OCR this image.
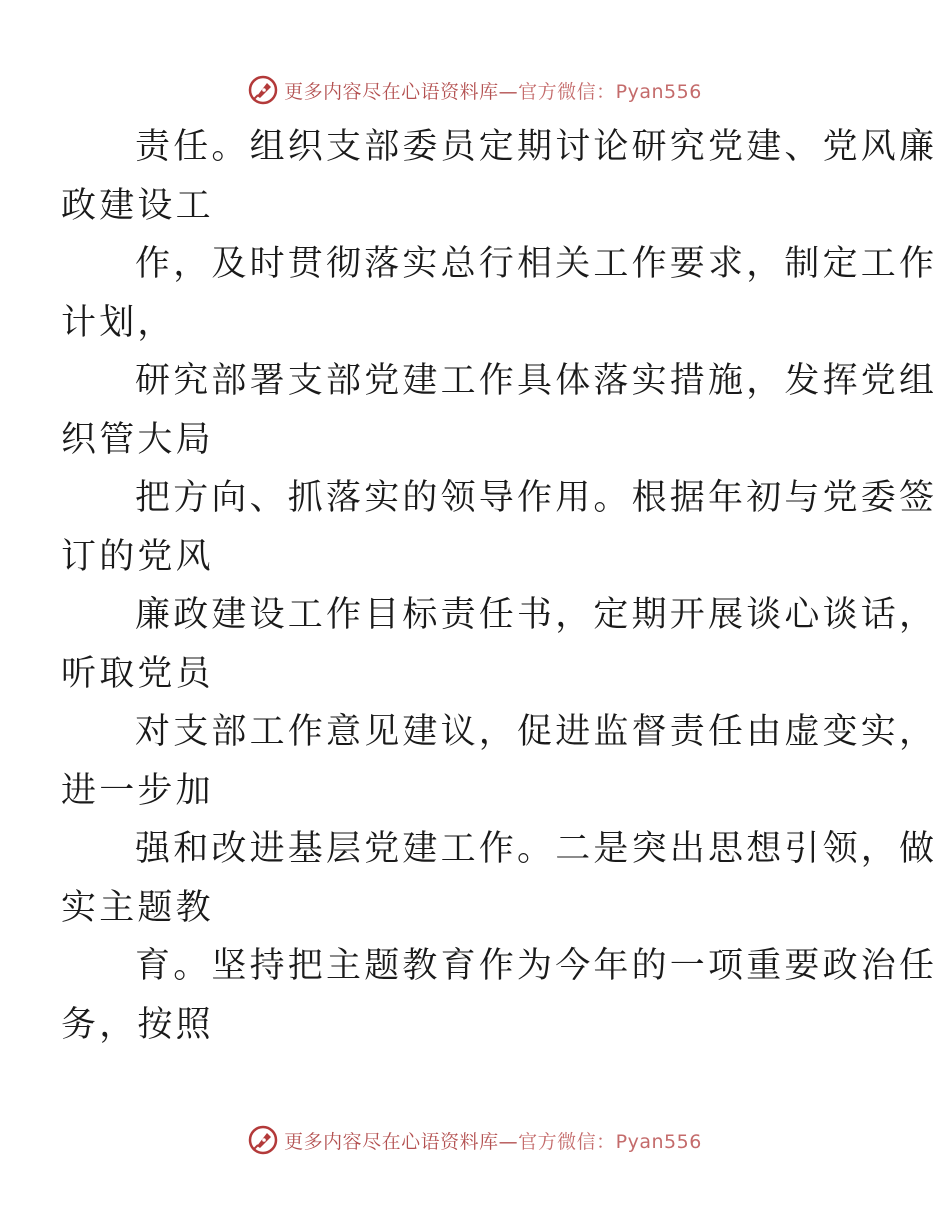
更多内容尽在心语资料库—官方微信：Pyan556

责任。组织支部委员定期讨论研究党建、党风廉
政建设工

作，及时贯彻落实总行相关工作要求，制定工作
计划，

研究部署支部党建工作具体落实措施，发挥党组
织管大局

把方向、抓落实的领导作用。根据年初与党委签
订的党风

廉政建设工作目标责任书，定期开展谈心谈话，
听取党员

对支部工作意见建议，促进监督责任由虚变实，
进一步加

强和改进基层党建工作。二是突出思想引领，做
实主题教

育。坚持把主题教育作为今年的一项重要政治任
务，按照

更多内容尽在心语资料库—官方微信：Pyan556
